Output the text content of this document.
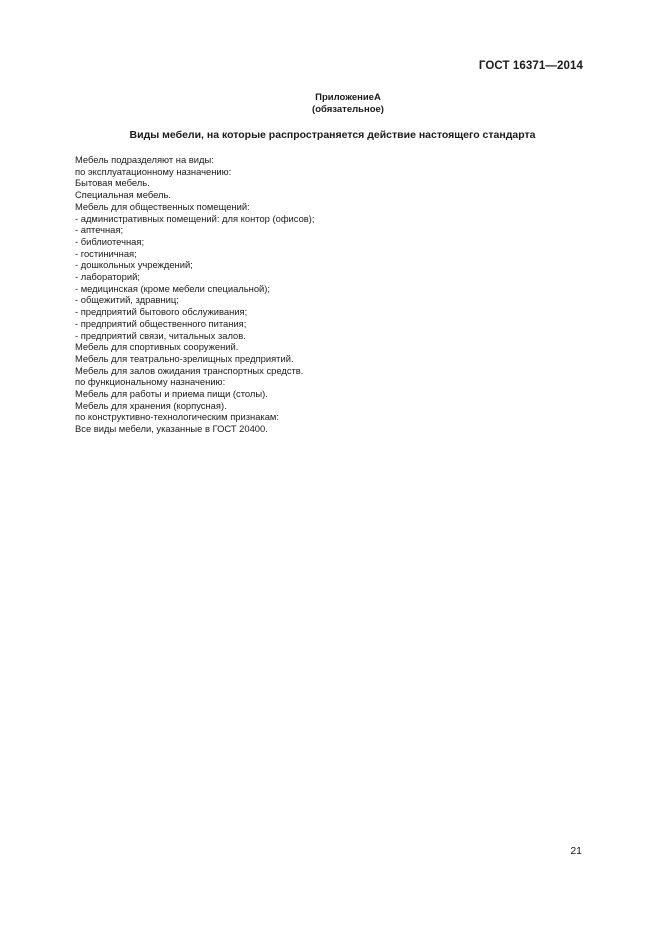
ГОСТ 16371—2014
ПриложениеА
(обязательное)
Виды мебели, на которые распространяется действие настоящего стандарта
Мебель подразделяют на виды:
по эксплуатационному назначению:
Бытовая мебель.
Специальная мебель.
Мебель для общественных помещений:
- административных помещений: для контор (офисов);
- аптечная;
- библиотечная;
- гостиничная;
- дошкольных учреждений;
- лабораторий;
- медицинская (кроме мебели специальной);
- общежитий, здравниц;
- предприятий бытового обслуживания;
- предприятий общественного питания;
- предприятий связи, читальных залов.
Мебель для спортивных сооружений.
Мебель для театрально-зрелищных предприятий.
Мебель для залов ожидания транспортных средств.
по функциональному назначению:
Мебель для работы и приема пищи (столы).
Мебель для хранения (корпусная).
по конструктивно-технологическим признакам:
Все виды мебели, указанные в ГОСТ 20400.
21
